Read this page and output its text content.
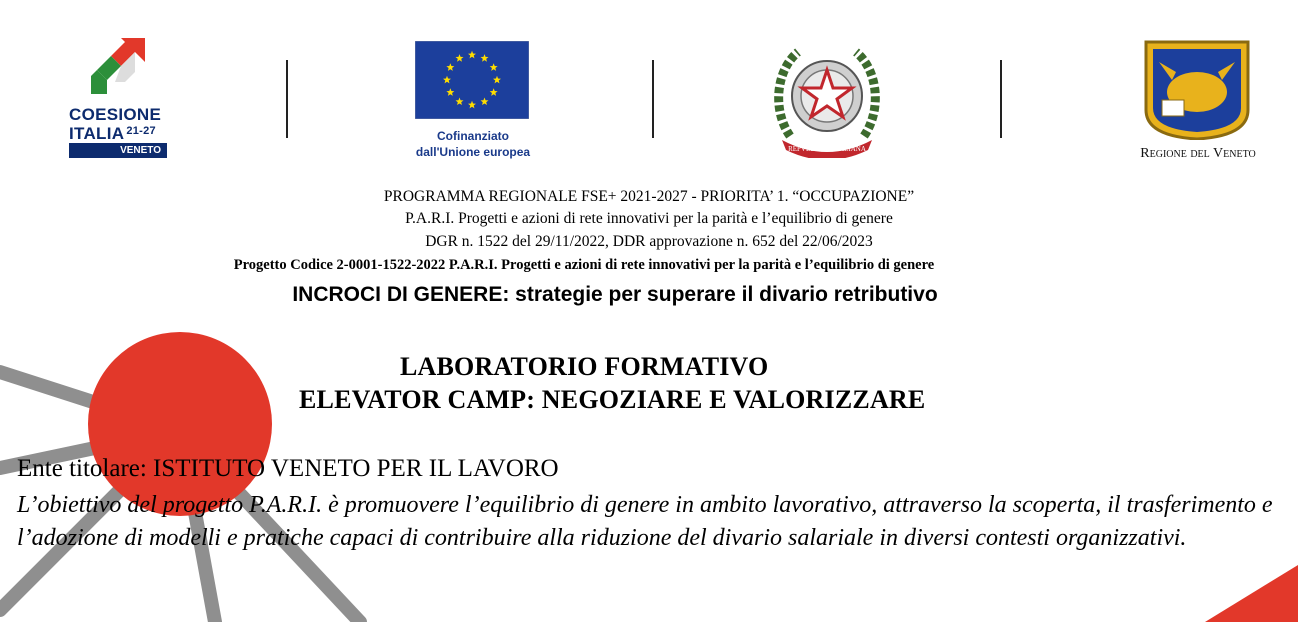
COESIONE
ITALIA $^{21-27}$
VENETO
Cofinanziato
dall'Unione europea	REPVBBLICA ITALIANA	Regione del Veneto
PROGRAMMA REGIONALE FSE+ 2021-2027 - PRIORITA’ 1. “OCCUPAZIONE”
P.A.R.I. Progetti e azioni di rete innovativi per la parità e l’equilibrio di genere
DGR n. 1522 del 29/11/2022, DDR approvazione n. 652 del 22/06/2023
Progetto Codice 2-0001-1522-2022 P.A.R.I. Progetti e azioni di rete innovativi per la parità e l’equilibrio di genere
INCROCI DI GENERE: strategie per superare il divario retributivo
LABORATORIO FORMATIVO
ELEVATOR CAMP: NEGOZIARE E VALORIZZARE
Ente titolare: ISTITUTO VENETO PER IL LAVORO
L’obiettivo del progetto P.A.R.I. è promuovere l’equilibrio di genere in ambito lavorativo, attraverso la scoperta, il trasferimento e l’adozione di modelli e pratiche capaci di contribuire alla riduzione del divario salariale in diversi contesti organizzativi.
